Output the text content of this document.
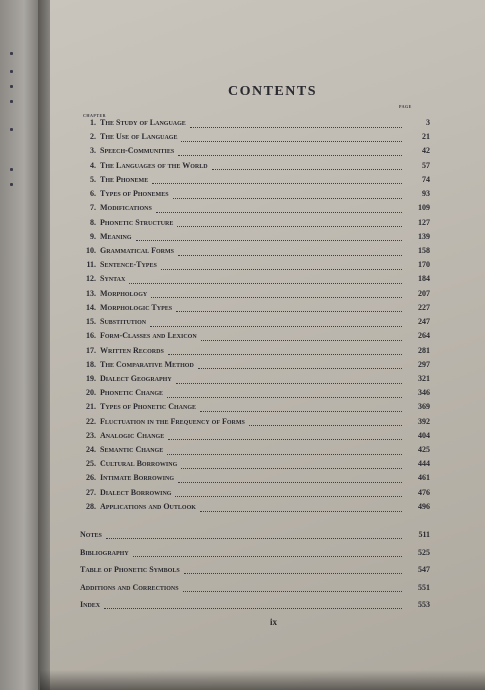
CONTENTS
CHAPTER
PAGE
1. The Study of Language	3
2. The Use of Language	21
3. Speech-Communities	42
4. The Languages of the World	57
5. The Phoneme	74
6. Types of Phonemes	93
7. Modifications	109
8. Phonetic Structure	127
9. Meaning	139
10. Grammatical Forms	158
11. Sentence-Types	170
12. Syntax	184
13. Morphology	207
14. Morphologic Types	227
15. Substitution	247
16. Form-Classes and Lexicon	264
17. Written Records	281
18. The Comparative Method	297
19. Dialect Geography	321
20. Phonetic Change	346
21. Types of Phonetic Change	369
22. Fluctuation in the Frequency of Forms	392
23. Analogic Change	404
24. Semantic Change	425
25. Cultural Borrowing	444
26. Intimate Borrowing	461
27. Dialect Borrowing	476
28. Applications and Outlook	496
Notes	511
Bibliography	525
Table of Phonetic Symbols	547
Additions and Corrections	551
Index	553
ix
